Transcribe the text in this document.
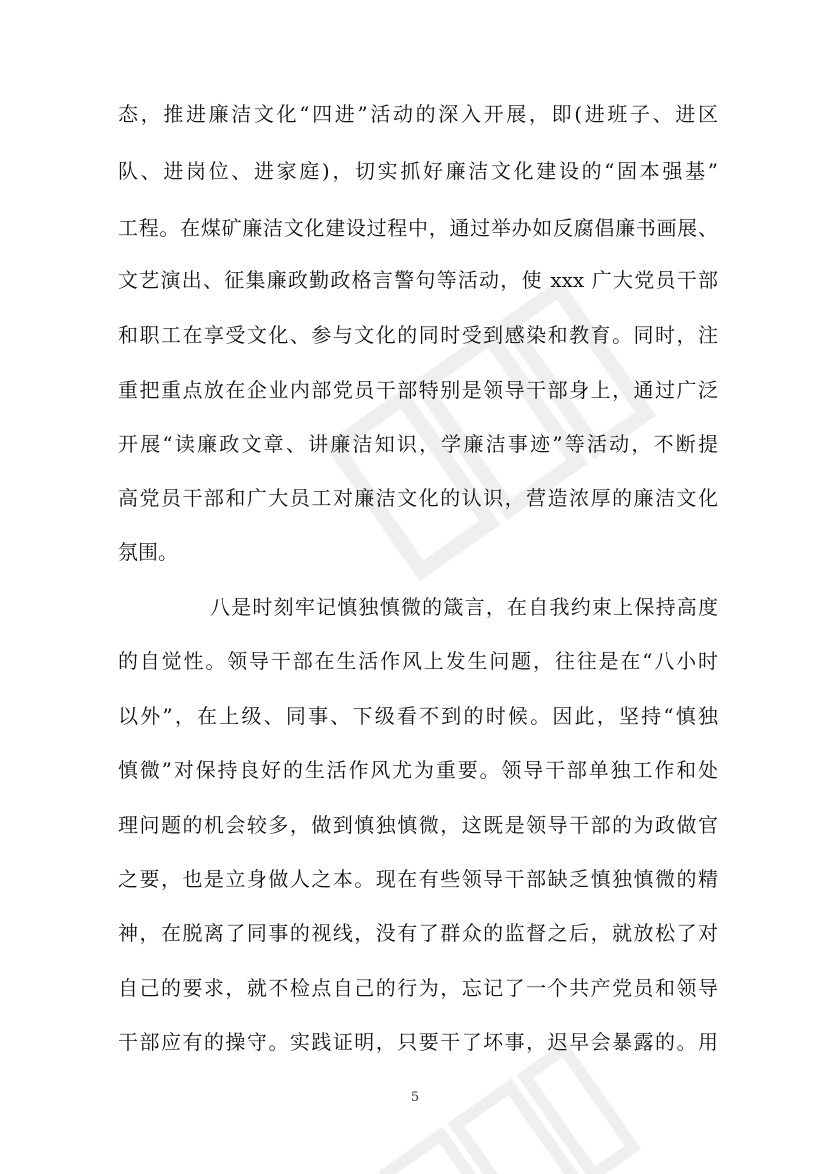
态，推进廉洁文化“四进”活动的深入开展，即(进班子、进区
队、进岗位、进家庭)，切实抓好廉洁文化建设的“固本强基”
工程。在煤矿廉洁文化建设过程中，通过举办如反腐倡廉书画展、
文艺演出、征集廉政勤政格言警句等活动，使 xxx 广大党员干部
和职工在享受文化、参与文化的同时受到感染和教育。同时，注
重把重点放在企业内部党员干部特别是领导干部身上，通过广泛
开展“读廉政文章、讲廉洁知识，学廉洁事迹”等活动，不断提
高党员干部和广大员工对廉洁文化的认识，营造浓厚的廉洁文化
氛围。
八是时刻牢记慎独慎微的箴言，在自我约束上保持高度
的自觉性。领导干部在生活作风上发生问题，往往是在“八小时
以外”，在上级、同事、下级看不到的时候。因此，坚持“慎独
慎微”对保持良好的生活作风尤为重要。领导干部单独工作和处
理问题的机会较多，做到慎独慎微，这既是领导干部的为政做官
之要，也是立身做人之本。现在有些领导干部缺乏慎独慎微的精
神，在脱离了同事的视线，没有了群众的监督之后，就放松了对
自己的要求，就不检点自己的行为，忘记了一个共产党员和领导
干部应有的操守。实践证明，只要干了坏事，迟早会暴露的。用
5
